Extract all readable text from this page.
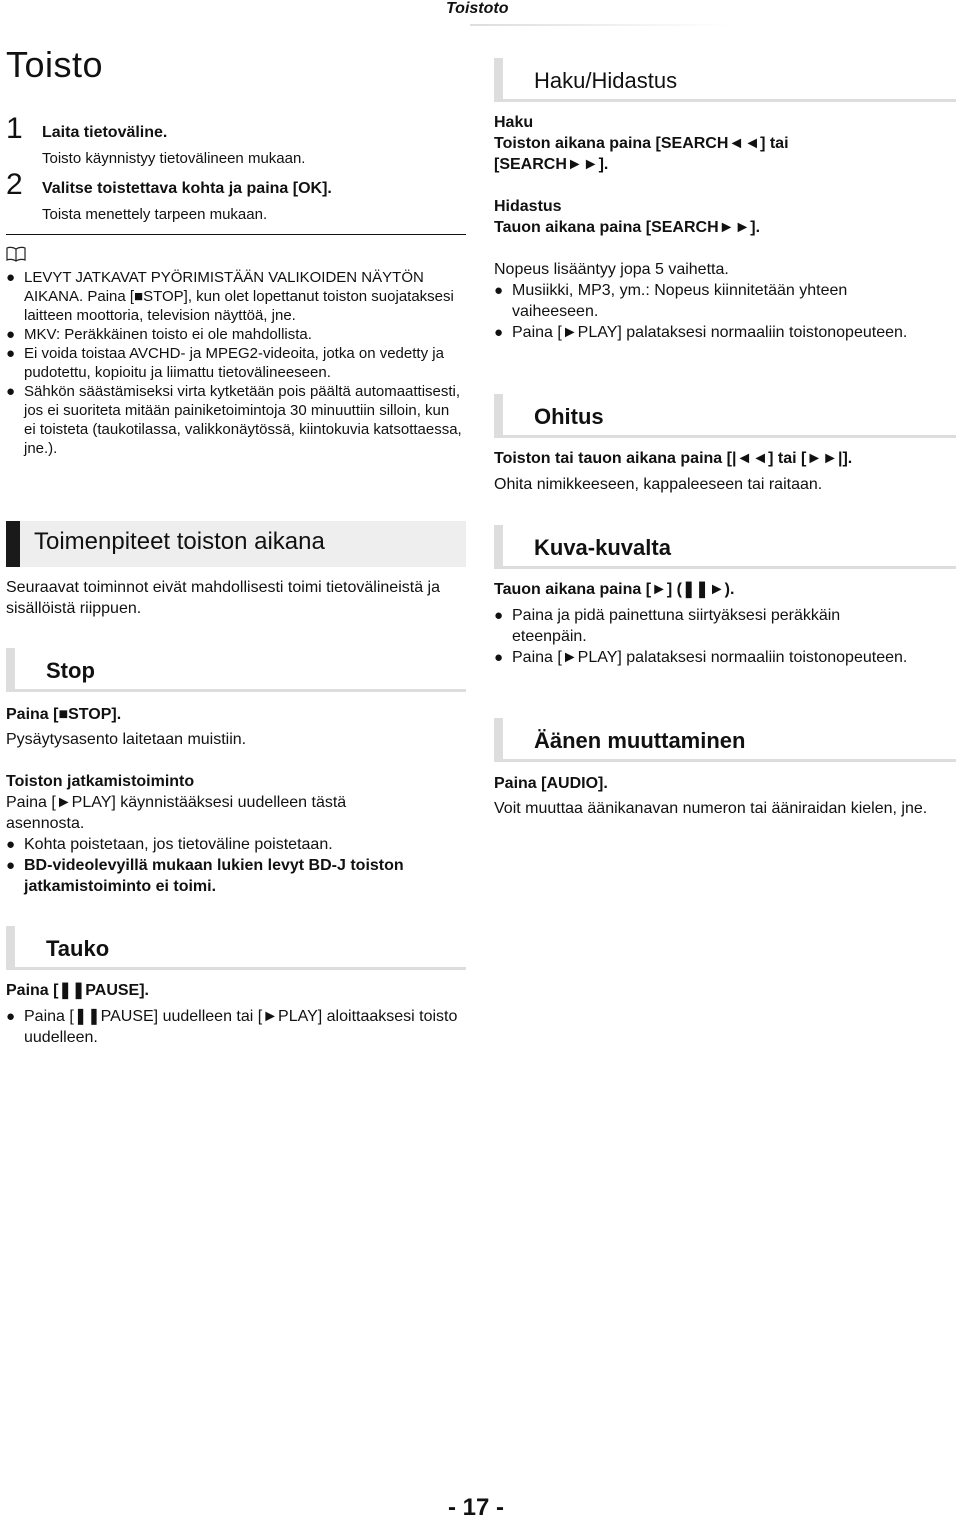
Toistoto
Toisto
1 Laita tietoväline.
Toisto käynnistyy tietovälineen mukaan.
2 Valitse toistettava kohta ja paina [OK].
Toista menettely tarpeen mukaan.
● LEVYT JATKAVAT PYÖRIMISTÄÄN VALIKOIDEN NÄYTÖN AIKANA. Paina [■STOP], kun olet lopettanut toiston suojataksesi laitteen moottoria, television näyttöä, jne.
● MKV: Peräkkäinen toisto ei ole mahdollista.
● Ei voida toistaa AVCHD- ja MPEG2-videoita, jotka on vedetty ja pudotettu, kopioitu ja liimattu tietovälineeseen.
● Sähkön säästämiseksi virta kytketään pois päältä automaattisesti, jos ei suoriteta mitään painiketoimintoja 30 minuuttiin silloin, kun ei toisteta (taukotilassa, valikkonäytössä, kiintokuvia katsottaessa, jne.).
Toimenpiteet toiston aikana
Seuraavat toiminnot eivät mahdollisesti toimi tietovälineistä ja sisällöistä riippuen.
Stop
Paina [■STOP].
Pysäytysasento laitetaan muistiin.
Toiston jatkamistoiminto
Paina [►PLAY] käynnistääksesi uudelleen tästä asennosta.
● Kohta poistetaan, jos tietoväline poistetaan.
● BD-videolevyillä mukaan lukien levyt BD-J toiston jatkamistoiminto ei toimi.
Tauko
Paina [❚❚PAUSE].
● Paina [❚❚PAUSE] uudelleen tai [►PLAY] aloittaaksesi toisto uudelleen.
Haku/Hidastus
Haku
Toiston aikana paina [SEARCH◄◄] tai [SEARCH►►].
Hidastus
Tauon aikana paina [SEARCH►►].
Nopeus lisääntyy jopa 5 vaihetta.
● Musiikki, MP3, ym.: Nopeus kiinnitetään yhteen vaiheeseen.
● Paina [►PLAY] palataksesi normaaliin toistonopeuteen.
Ohitus
Toiston tai tauon aikana paina [|◄◄] tai [►►|].
Ohita nimikkeeseen, kappaleeseen tai raitaan.
Kuva-kuvalta
Tauon aikana paina [►] (❚❚►).
● Paina ja pidä painettuna siirtyäksesi peräkkäin eteenpäin.
● Paina [►PLAY] palataksesi normaaliin toistonopeuteen.
Äänen muuttaminen
Paina [AUDIO].
Voit muuttaa äänikanavan numeron tai ääniraidan kielen, jne.
- 17 -
